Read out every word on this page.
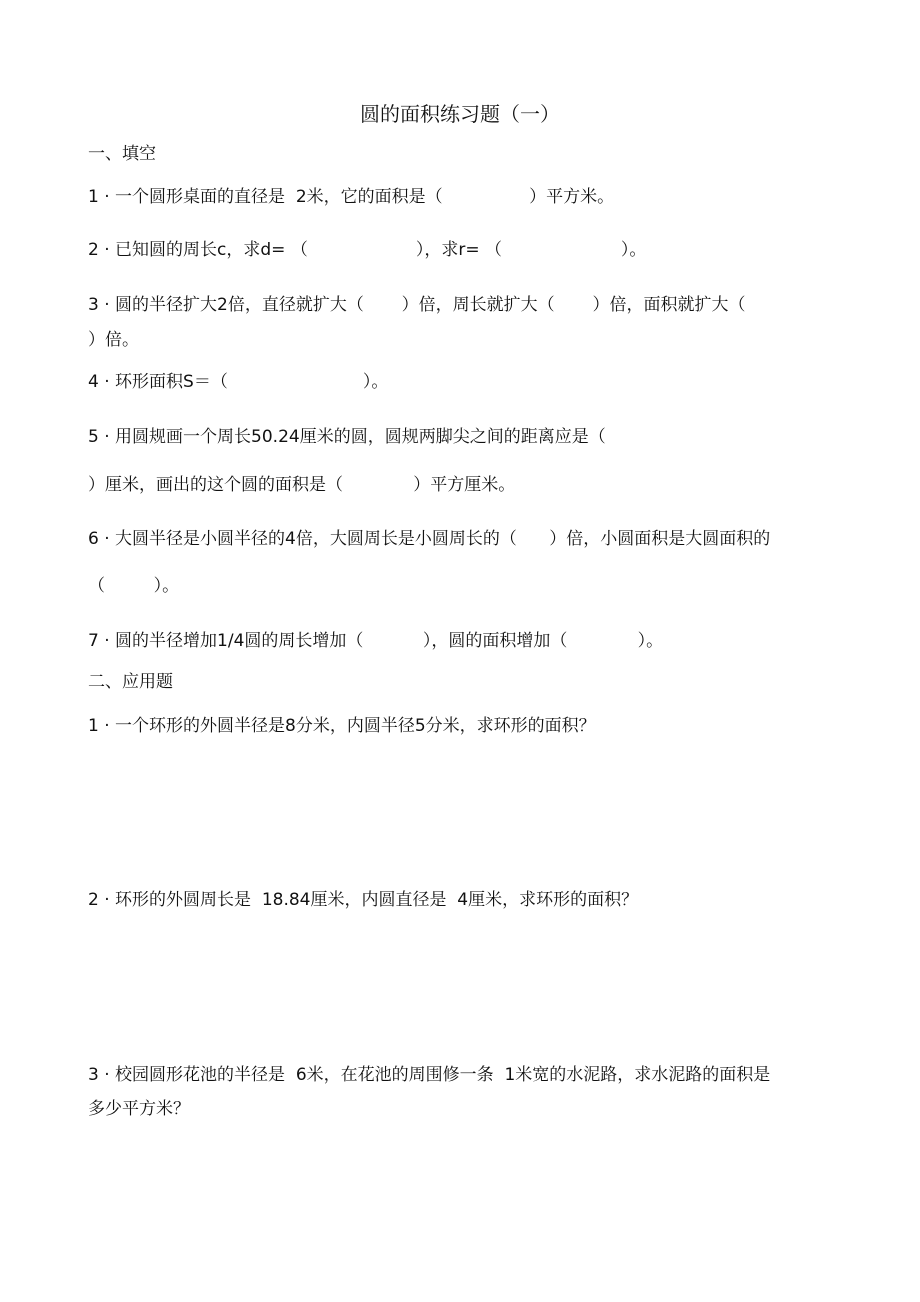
圆的面积练习题（一）
一、填空
1 · 一个圆形桌面的直径是  2米，它的面积是（                ）平方米。
2 · 已知圆的周长c，求d= （                    ），求r= （                      ）。
3 · 圆的半径扩大2倍，直径就扩大（       ）倍，周长就扩大（       ）倍，面积就扩大（
）倍。
4 · 环形面积S＝（                         ）。
5 · 用圆规画一个周长50.24厘米的圆，圆规两脚尖之间的距离应是（
）厘米，画出的这个圆的面积是（             ）平方厘米。
6 · 大圆半径是小圆半径的4倍，大圆周长是小圆周长的（      ）倍，小圆面积是大圆面积的
（         ）。
7 · 圆的半径增加1/4圆的周长增加（           ），圆的面积增加（             ）。
二、应用题
1 · 一个环形的外圆半径是8分米，内圆半径5分米，求环形的面积？
2 · 环形的外圆周长是  18.84厘米，内圆直径是  4厘米，求环形的面积？
3 · 校园圆形花池的半径是  6米，在花池的周围修一条  1米宽的水泥路，求水泥路的面积是
多少平方米？
